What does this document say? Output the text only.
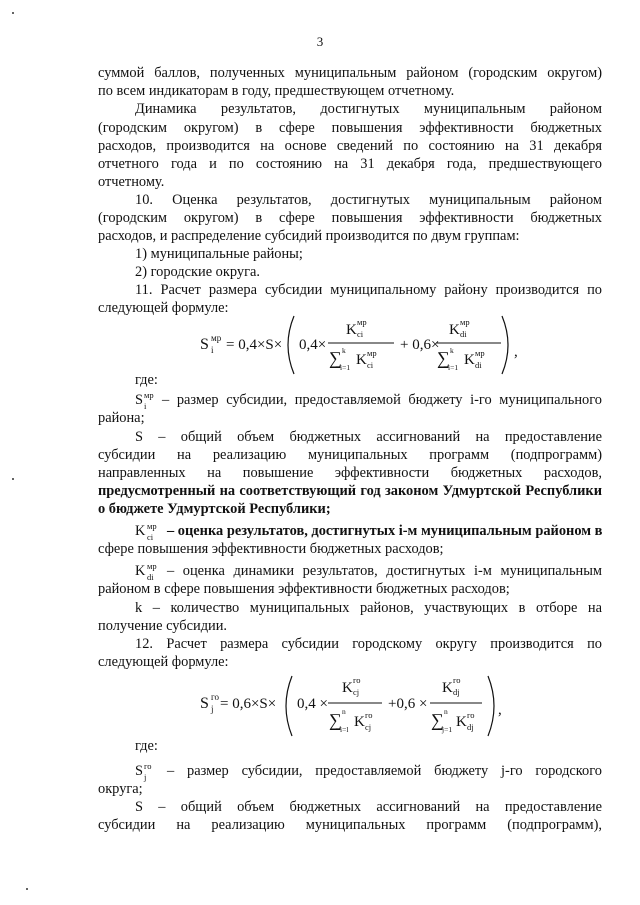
3
суммой баллов, полученных муниципальным районом (городским округом)
по всем индикаторам в году, предшествующем отчетному.
Динамика результатов, достигнутых муниципальным районом
(городским округом) в сфере повышения эффективности бюджетных
расходов, производится на основе сведений по состоянию на 31 декабря
отчетного года и по состоянию на 31 декабря года, предшествующего
отчетному.
10. Оценка результатов, достигнутых муниципальным районом
(городским округом) в сфере повышения эффективности бюджетных
расходов, и распределение субсидий производится по двум группам:
1) муниципальные районы;
2) городские округа.
11. Расчет размера субсидии муниципальному району производится по
следующей формуле:
S мр
i = 0,4×S× 0,4×
K мр
ci
∑ k
i=1 K мр
ci
+ 0,6×
K мр
di
∑ k
i=1 K мр
di
,
где:
S мр
i – размер субсидии, предоставляемой бюджету i-го муниципального
района;
S – общий объем бюджетных ассигнований на предоставление
субсидии на реализацию муниципальных программ (подпрограмм)
направленных на повышение эффективности бюджетных расходов,
предусмотренный на соответствующий год законом Удмуртской Республики
о бюджете Удмуртской Республики;
K мр
ci – оценка результатов, достигнутых i-м муниципальным районом в
сфере повышения эффективности бюджетных расходов;
K мр
di – оценка динамики результатов, достигнутых i-м муниципальным
районом в сфере повышения эффективности бюджетных расходов;
k – количество муниципальных районов, участвующих в отборе на
получение субсидии.
12. Расчет размера субсидии городскому округу производится по
следующей формуле:
S го
j = 0,6×S× 0,4 ×
K го
cj
∑ n
i=l K го
cj
+0,6 ×
K го
dj
∑ n
j=1 K го
dj
,
где:
S го
j – размер субсидии, предоставляемой бюджету j-го городского
округа;
S – общий объем бюджетных ассигнований на предоставление
субсидии на реализацию муниципальных программ (подпрограмм),
